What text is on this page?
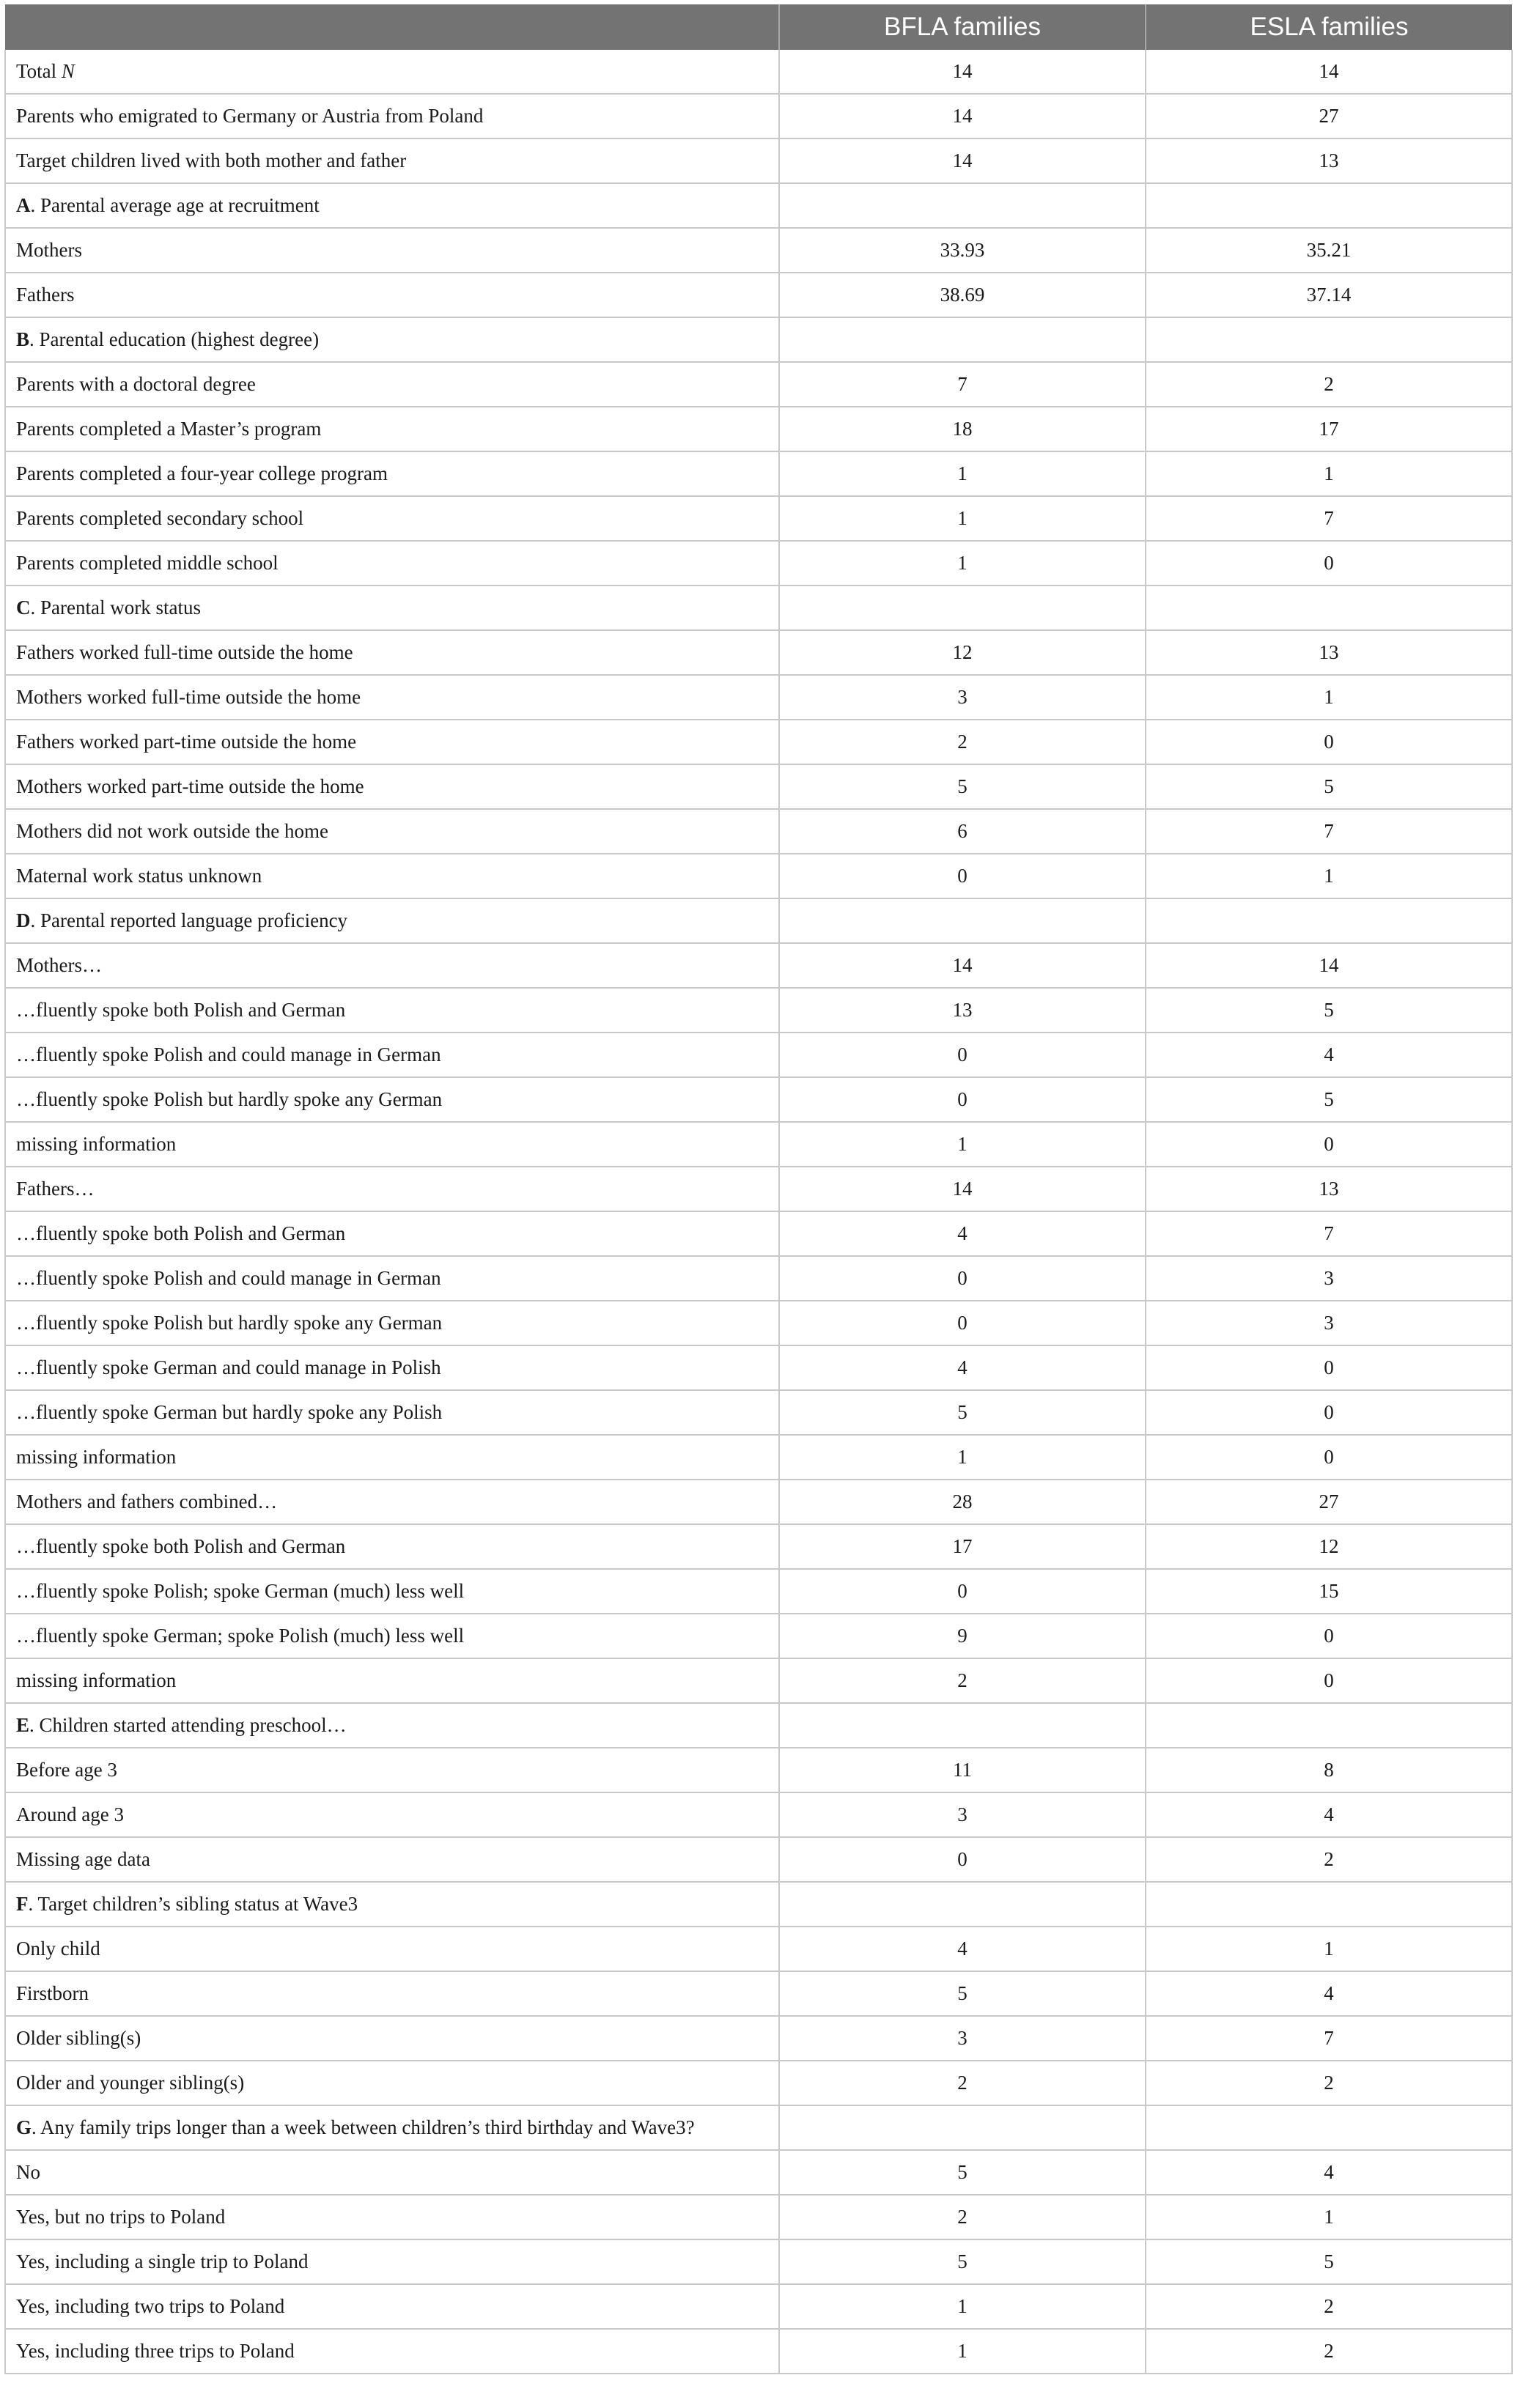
	BFLA families	ESLA families
Total N	14	14
Parents who emigrated to Germany or Austria from Poland	14	27
Target children lived with both mother and father	14	13
A. Parental average age at recruitment		
Mothers	33.93	35.21
Fathers	38.69	37.14
B. Parental education (highest degree)		
Parents with a doctoral degree	7	2
Parents completed a Master’s program	18	17
Parents completed a four-year college program	1	1
Parents completed secondary school	1	7
Parents completed middle school	1	0
C. Parental work status		
Fathers worked full-time outside the home	12	13
Mothers worked full-time outside the home	3	1
Fathers worked part-time outside the home	2	0
Mothers worked part-time outside the home	5	5
Mothers did not work outside the home	6	7
Maternal work status unknown	0	1
D. Parental reported language proficiency		
Mothers…	14	14
…fluently spoke both Polish and German	13	5
…fluently spoke Polish and could manage in German	0	4
…fluently spoke Polish but hardly spoke any German	0	5
missing information	1	0
Fathers…	14	13
…fluently spoke both Polish and German	4	7
…fluently spoke Polish and could manage in German	0	3
…fluently spoke Polish but hardly spoke any German	0	3
…fluently spoke German and could manage in Polish	4	0
…fluently spoke German but hardly spoke any Polish	5	0
missing information	1	0
Mothers and fathers combined…	28	27
…fluently spoke both Polish and German	17	12
…fluently spoke Polish; spoke German (much) less well	0	15
…fluently spoke German; spoke Polish (much) less well	9	0
missing information	2	0
E. Children started attending preschool…		
Before age 3	11	8
Around age 3	3	4
Missing age data	0	2
F. Target children’s sibling status at Wave3		
Only child	4	1
Firstborn	5	4
Older sibling(s)	3	7
Older and younger sibling(s)	2	2
G. Any family trips longer than a week between children’s third birthday and Wave3?		
No	5	4
Yes, but no trips to Poland	2	1
Yes, including a single trip to Poland	5	5
Yes, including two trips to Poland	1	2
Yes, including three trips to Poland	1	2
